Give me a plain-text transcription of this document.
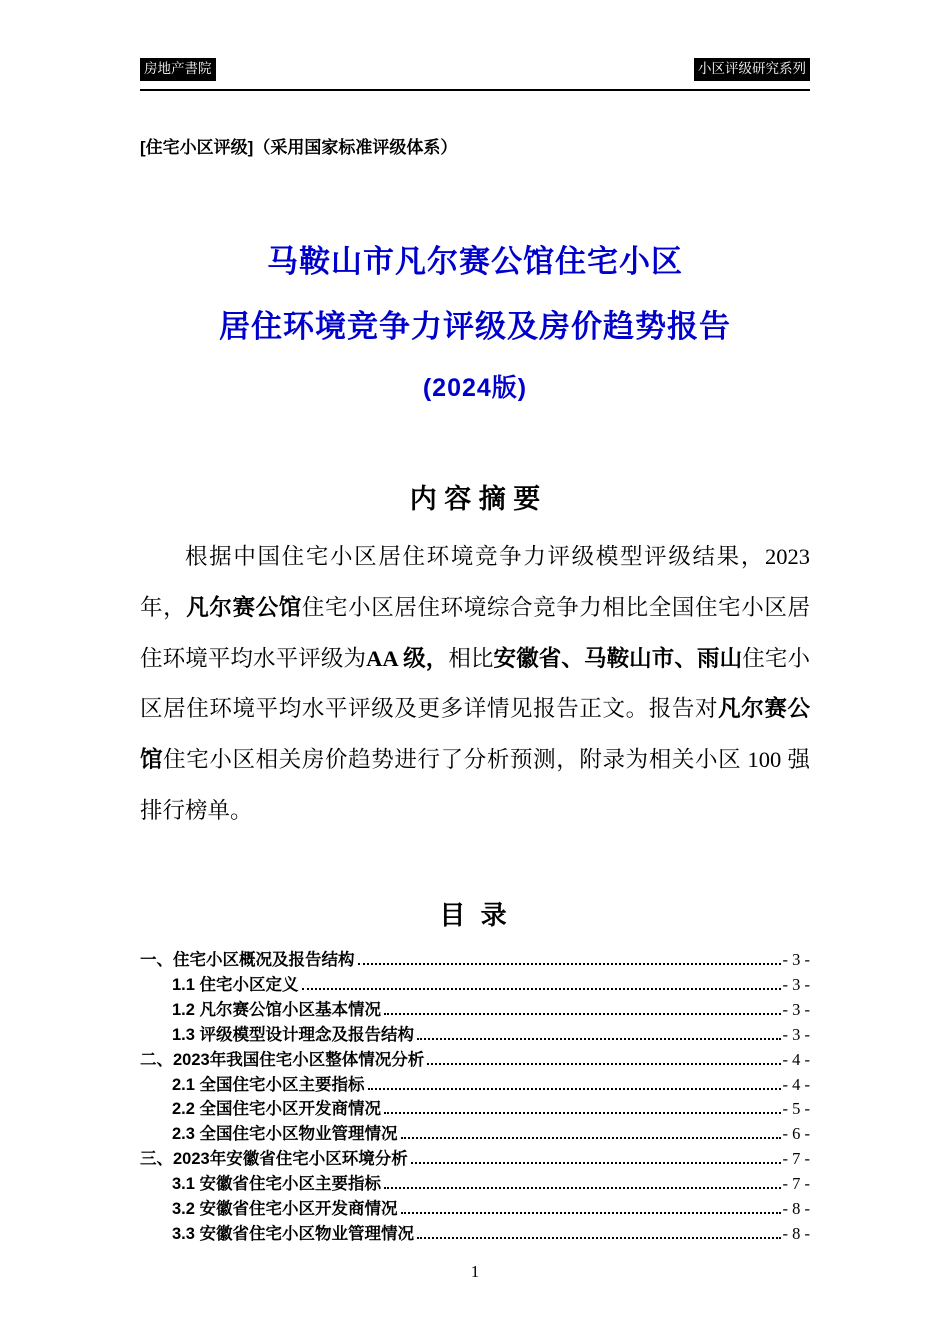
房地产書院	小区评级研究系列
[住宅小区评级]（采用国家标准评级体系）
马鞍山市凡尔赛公馆住宅小区
居住环境竞争力评级及房价趋势报告
(2024版)
内 容 摘 要

根据中国住宅小区居住环境竞争力评级模型评级结果，2023 年，凡尔赛公馆住宅小区居住环境综合竞争力相比全国住宅小区居住环境平均水平评级为AA 级，相比安徽省、马鞍山市、雨山住宅小区居住环境平均水平评级及更多详情见报告正文。报告对凡尔赛公馆住宅小区相关房价趋势进行了分析预测，附录为相关小区 100 强排行榜单。

目 录
一、住宅小区概况及报告结构	- 3 -
1.1 住宅小区定义	- 3 -
1.2 凡尔赛公馆小区基本情况	- 3 -
1.3 评级模型设计理念及报告结构	- 3 -
二、2023年我国住宅小区整体情况分析	- 4 -
2.1 全国住宅小区主要指标	- 4 -
2.2 全国住宅小区开发商情况	- 5 -
2.3 全国住宅小区物业管理情况	- 6 -
三、2023年安徽省住宅小区环境分析	- 7 -
3.1 安徽省住宅小区主要指标	- 7 -
3.2 安徽省住宅小区开发商情况	- 8 -
3.3 安徽省住宅小区物业管理情况	- 8 -
1
